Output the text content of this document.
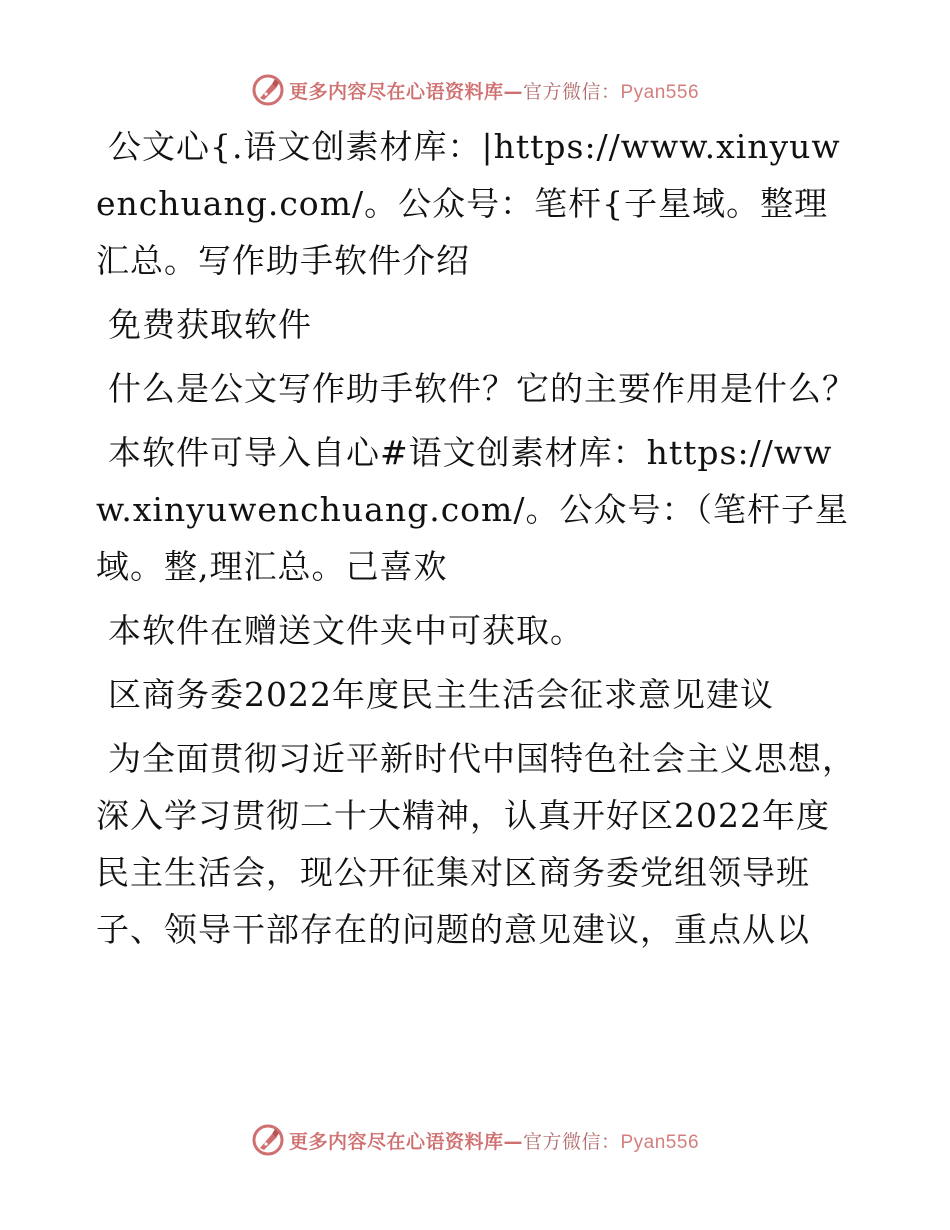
更多内容尽在心语资料库—官方微信：Pyan556

公文心{.语文创素材库：|https://www.xinyuwenchuang.com/。公众号：笔杆{子星域。整理汇总。写作助手软件介绍

免费获取软件

什么是公文写作助手软件？它的主要作用是什么？

本软件可导入自心#语文创素材库：https://www.xinyuwenchuang.com/。公众号：（笔杆子星域。整,理汇总。己喜欢

本软件在赠送文件夹中可获取。

区商务委2022年度民主生活会征求意见建议

为全面贯彻习近平新时代中国特色社会主义思想，深入学习贯彻二十大精神，认真开好区2022年度民主生活会，现公开征集对区商务委党组领导班子、领导干部存在的问题的意见建议，重点从以

更多内容尽在心语资料库—官方微信：Pyan556
